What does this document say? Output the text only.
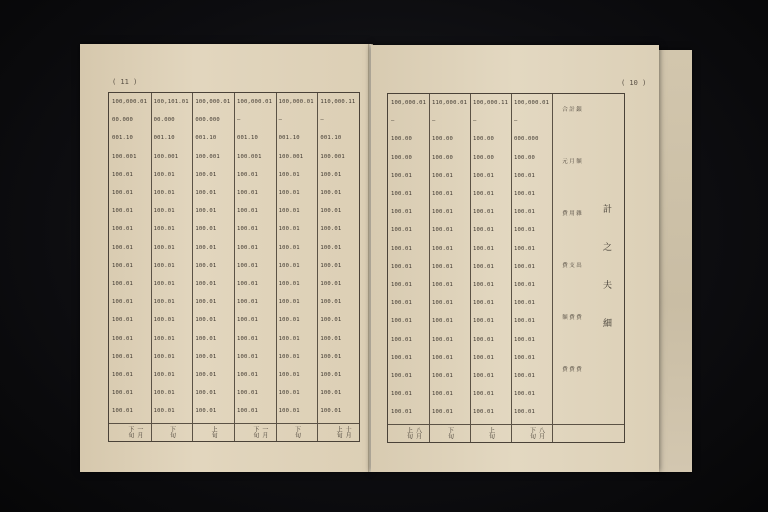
( 11 )
100,000.01
00.000
001.10
100.001
100.01
100.01
100.01
100.01
100.01
100.01
100.01
100.01
100.01
100.01
100.01
100.01
100.01
100.01
一月下旬
100,101.01
00.000
001.10
100.001
100.01
100.01
100.01
100.01
100.01
100.01
100.01
100.01
100.01
100.01
100.01
100.01
100.01
100.01
下旬
100,000.01
000.000
001.10
100.001
100.01
100.01
100.01
100.01
100.01
100.01
100.01
100.01
100.01
100.01
100.01
100.01
100.01
100.01
上旬
100,000.01
—
001.10
100.001
100.01
100.01
100.01
100.01
100.01
100.01
100.01
100.01
100.01
100.01
100.01
100.01
100.01
100.01
一月下旬
100,000.01
—
001.10
100.001
100.01
100.01
100.01
100.01
100.01
100.01
100.01
100.01
100.01
100.01
100.01
100.01
100.01
100.01
下旬
110,000.11
—
001.10
100.001
100.01
100.01
100.01
100.01
100.01
100.01
100.01
100.01
100.01
100.01
100.01
100.01
100.01
100.01
十月上旬
( 10 )
100,000.01
—
100.00
100.00
100.01
100.01
100.01
100.01
100.01
100.01
100.01
100.01
100.01
100.01
100.01
100.01
100.01
100.01
八月上旬
110,000.01
—
100.00
100.00
100.01
100.01
100.01
100.01
100.01
100.01
100.01
100.01
100.01
100.01
100.01
100.01
100.01
100.01
下旬
100,000.11
—
100.00
100.00
100.01
100.01
100.01
100.01
100.01
100.01
100.01
100.01
100.01
100.01
100.01
100.01
100.01
100.01
上旬
100,000.01
—
000.000
100.00
100.01
100.01
100.01
100.01
100.01
100.01
100.01
100.01
100.01
100.01
100.01
100.01
100.01
100.01
八月下旬
合 計 銀
元 月 額
費 用 雜
費 支 出
額 費 費
費 費 費
計
之
夫
細
